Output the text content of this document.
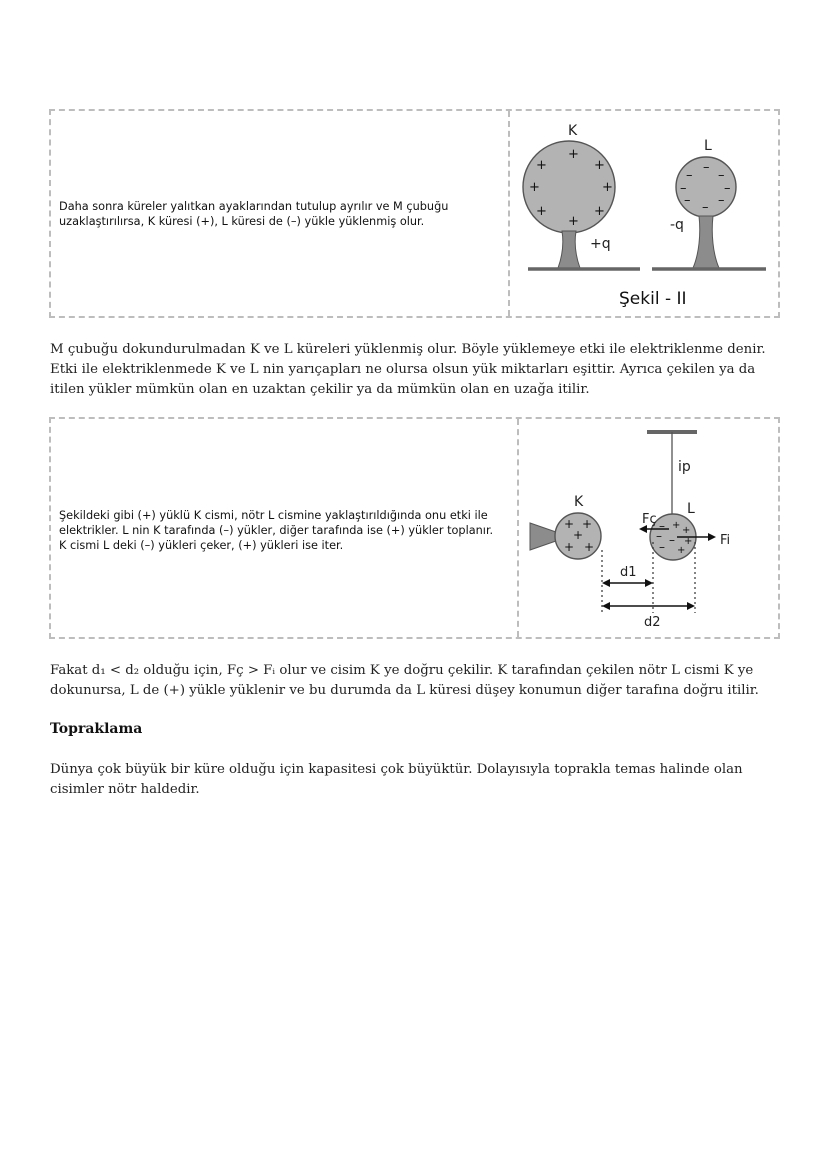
Daha sonra küreler yalıtkan ayaklarından tutulup ayrılır ve M çubuğu uzaklaştırılırsa, K küresi (+), L küresi de (–) yükle yüklenmiş olur.
K
+
+	+
+	+
+	+
+
+q
L
–
– –
–	–
– –
–
-q
Şekil - II

M çubuğu dokundurulmadan K ve L küreleri yüklenmiş olur. Böyle yüklemeye etki ile elektriklenme denir. Etki ile elektriklenmede K ve L nin yarıçapları ne olursa olsun yük miktarları eşittir. Ayrıca çekilen ya da itilen yükler mümkün olan en uzaktan çekilir ya da mümkün olan en uzağa itilir.

Şekildeki gibi (+) yüklü K cismi, nötr L cismine yaklaştırıldığında onu etki ile elektrikler. L nin K tarafında (–) yükler, diğer tarafında ise (+) yükler toplanır. K cismi L deki (–) yükleri çeker, (+) yükleri ise iter.
ip
K
+ +
+
+ +
L
–
–
– –
+ +
+
+
Fç
Fi
d1
d2

Fakat d₁ < d₂ olduğu için, Fç > Fᵢ olur ve cisim K ye doğru çekilir. K tarafından çekilen nötr L cismi K ye dokunursa, L de (+) yükle yüklenir ve bu durumda da L küresi düşey konumun diğer tarafına doğru itilir.

Topraklama

Dünya çok büyük bir küre olduğu için kapasitesi çok büyüktür. Dolayısıyla toprakla temas halinde olan cisimler nötr haldedir.
